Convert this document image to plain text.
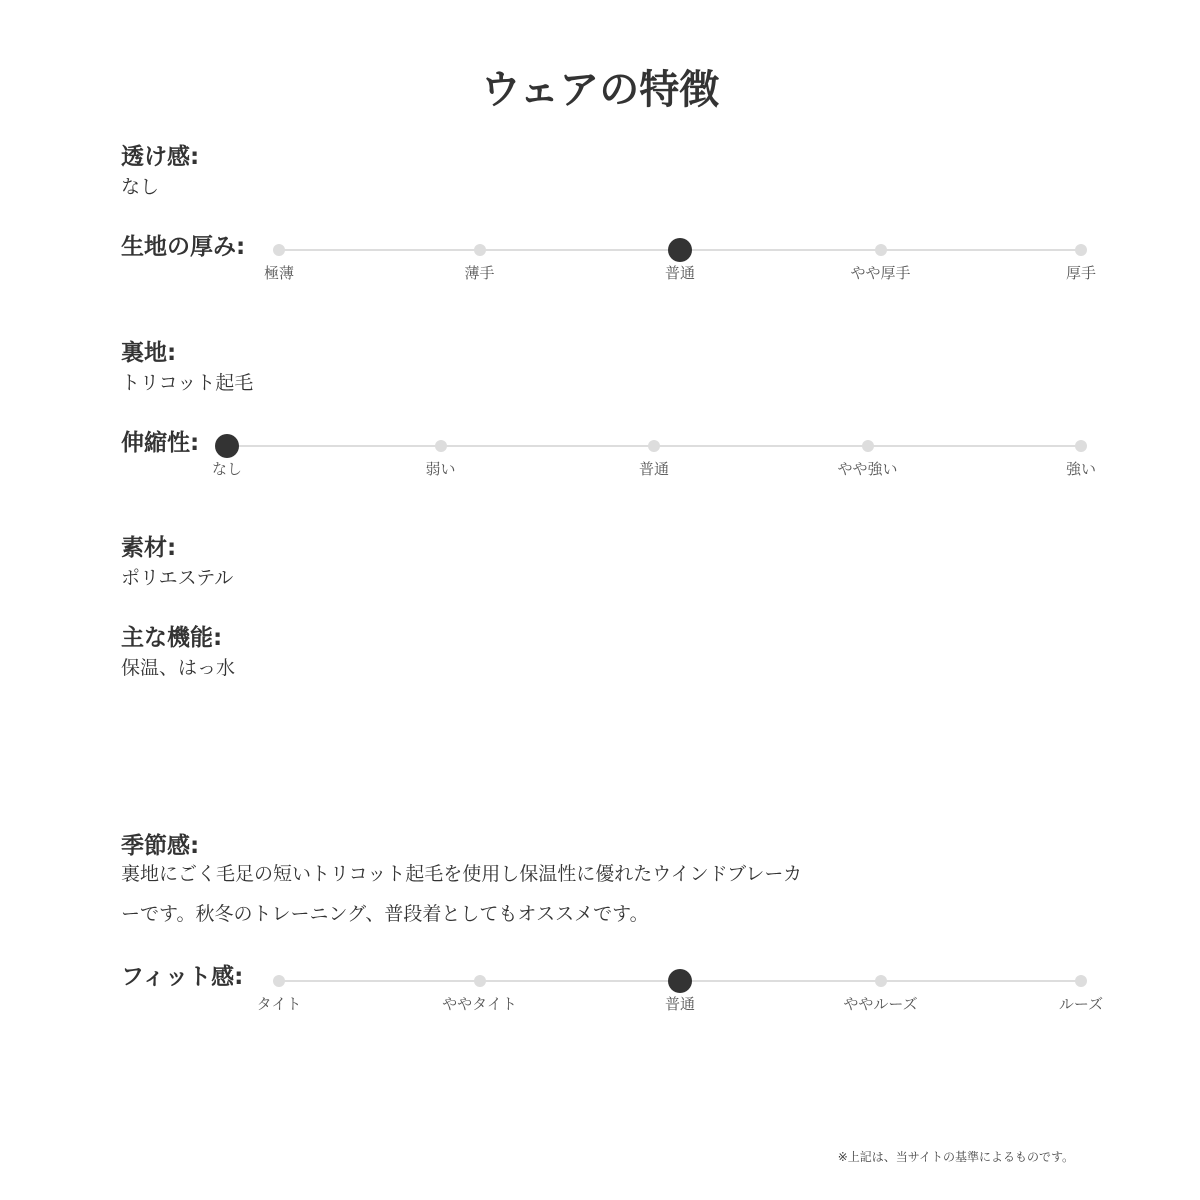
ウェアの特徴
透け感:
なし
生地の厚み:
極薄	薄手	普通	やや厚手	厚手
裏地:
トリコット起毛
伸縮性:
なし	弱い	普通	やや強い	強い
素材:
ポリエステル
主な機能:
保温、はっ水
季節感:
裏地にごく毛足の短いトリコット起毛を使用し保温性に優れたウインドブレーカ
ーです。秋冬のトレーニング、普段着としてもオススメです。
フィット感:
タイト	ややタイト	普通	ややルーズ	ルーズ
※上記は、当サイトの基準によるものです。
